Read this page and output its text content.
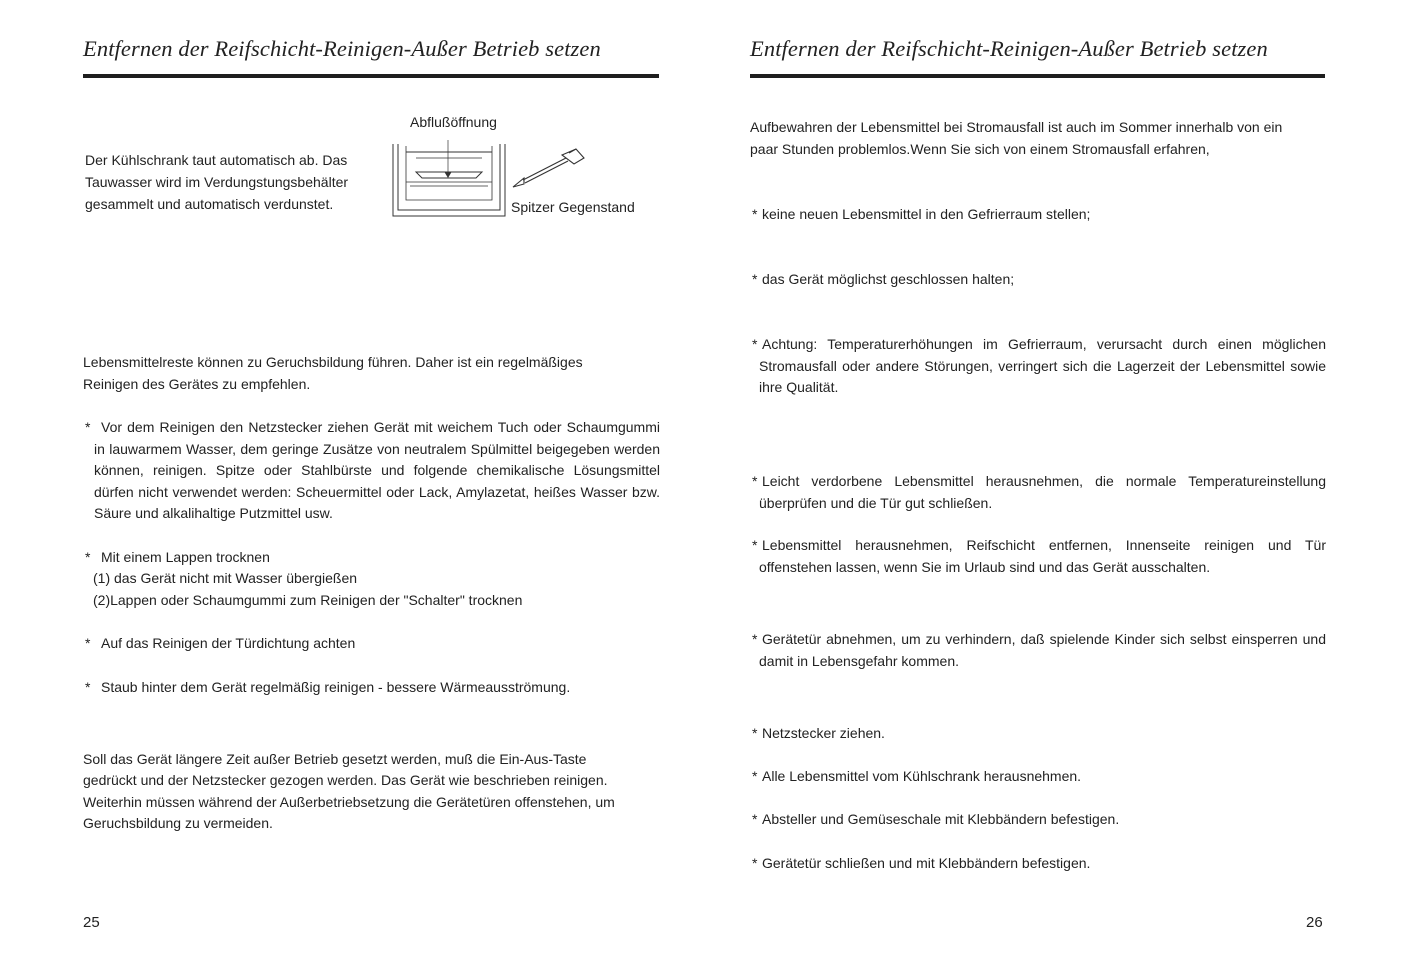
Entfernen der Reifschicht-Reinigen-Außer Betrieb setzen

Der Kühlschrank taut automatisch ab. Das

Tauwasser wird im Verdungstungsbehälter

gesammelt und automatisch verdunstet.

Abflußöffnung
Spitzer Gegenstand

Lebensmittelreste können zu Geruchsbildung führen. Daher ist ein regelmäßiges

Reinigen des Gerätes zu empfehlen.

* Vor dem Reinigen den Netzstecker ziehen Gerät mit weichem Tuch oder Schaumgummi in lauwarmem Wasser, dem geringe Zusätze von neutralem Spülmittel beigegeben werden können, reinigen. Spitze oder Stahlbürste und folgende chemikalische Lösungsmittel dürfen nicht verwendet werden: Scheuermittel oder Lack, Amylazetat, heißes Wasser bzw. Säure und alkalihaltige Putzmittel usw.
* Mit einem Lappen trocknen

(1) das Gerät nicht mit Wasser übergießen

(2)Lappen oder Schaumgummi zum Reinigen der "Schalter" trocknen

* Auf das Reinigen der Türdichtung achten
* Staub hinter dem Gerät regelmäßig reinigen - bessere Wärmeausströmung.

Soll das Gerät längere Zeit außer Betrieb gesetzt werden, muß die Ein-Aus-Taste

gedrückt und der Netzstecker gezogen werden. Das Gerät wie beschrieben reinigen.

Weiterhin müssen während der Außerbetriebsetzung die Gerätetüren offenstehen, um

Geruchsbildung zu vermeiden.

25
Entfernen der Reifschicht-Reinigen-Außer Betrieb setzen

Aufbewahren der Lebensmittel bei Stromausfall ist auch im Sommer innerhalb von ein

paar Stunden problemlos.Wenn Sie sich von einem Stromausfall erfahren,

* keine neuen Lebensmittel in den Gefrierraum stellen;
* das Gerät möglichst geschlossen halten;
* Achtung: Temperaturerhöhungen im Gefrierraum, verursacht durch einen möglichen Stromausfall oder andere Störungen, verringert sich die Lagerzeit der Lebensmittel sowie ihre Qualität.
* Leicht verdorbene Lebensmittel herausnehmen, die normale Temperatureinstellung überprüfen und die Tür gut schließen.
* Lebensmittel herausnehmen, Reifschicht entfernen, Innenseite reinigen und Tür offenstehen lassen, wenn Sie im Urlaub sind und das Gerät ausschalten.
* Gerätetür abnehmen, um zu verhindern, daß spielende Kinder sich selbst einsperren und damit in Lebensgefahr kommen.
* Netzstecker ziehen.
* Alle Lebensmittel vom Kühlschrank herausnehmen.
* Absteller und Gemüseschale mit Klebbändern befestigen.
* Gerätetür schließen und mit Klebbändern befestigen.
26
